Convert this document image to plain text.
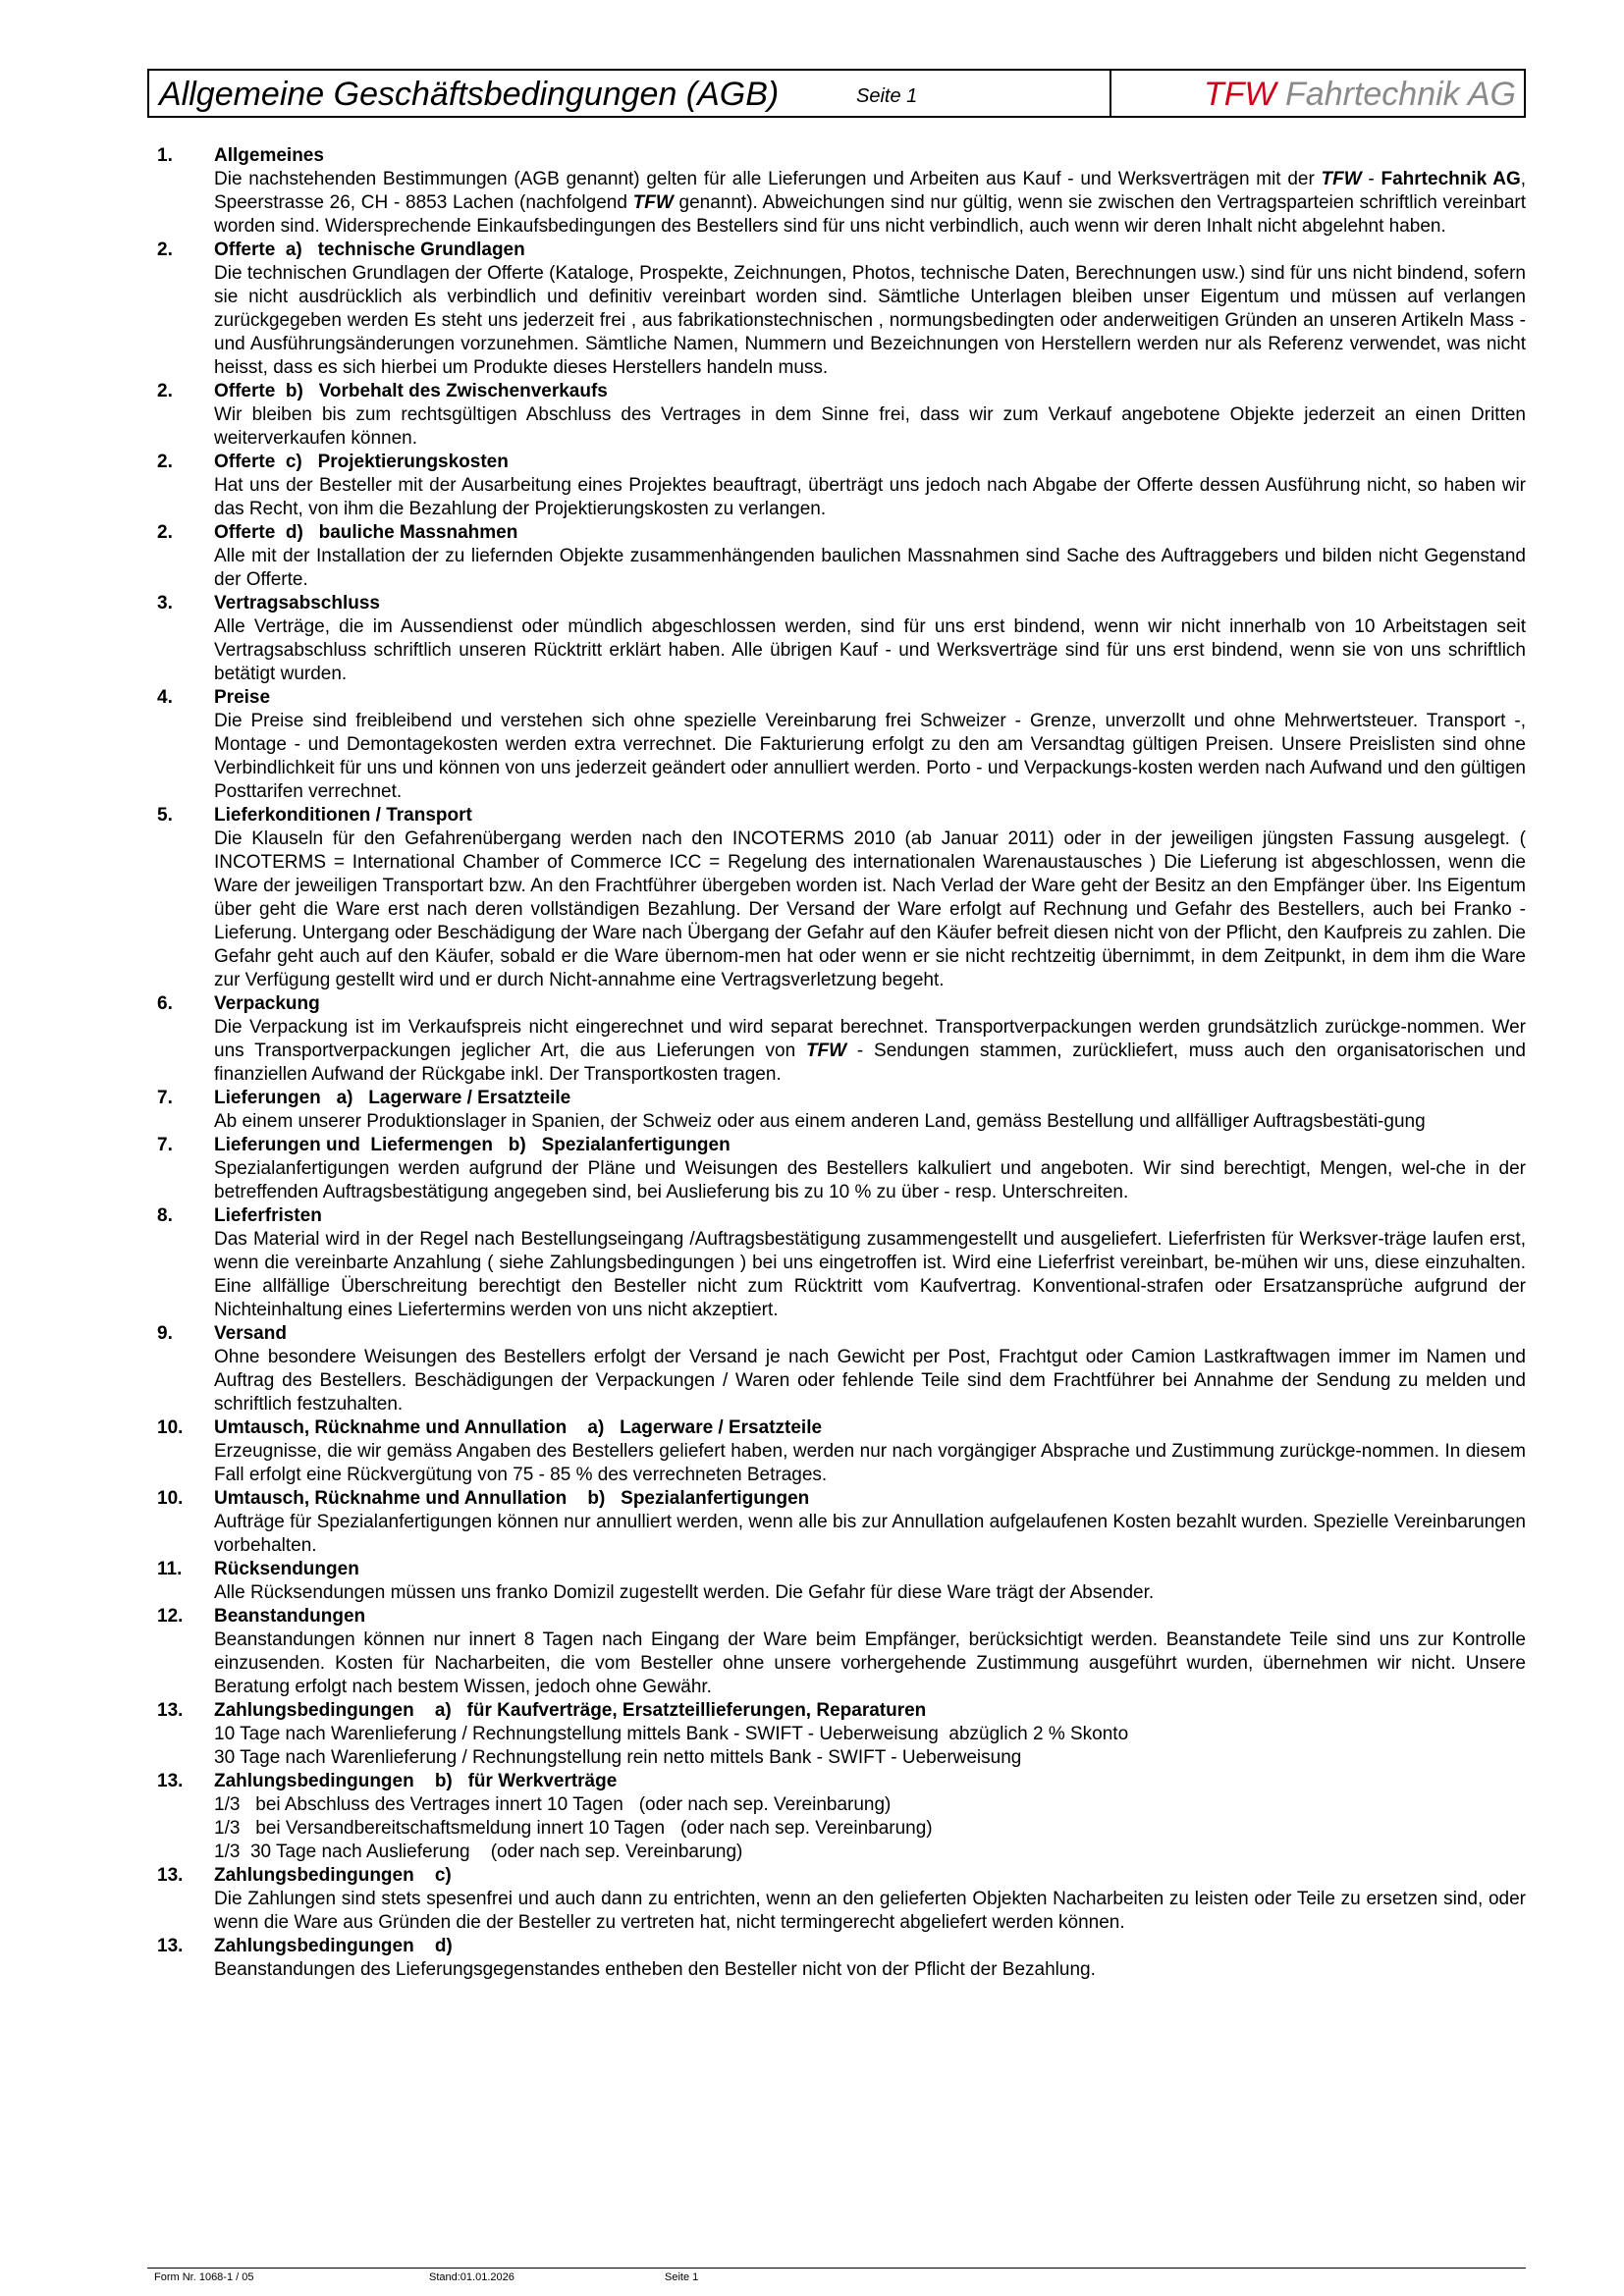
Allgemeine Geschäftsbedingungen (AGB)	Seite 1	TFW Fahrtechnik AG
1.	Allgemeines
Die nachstehenden Bestimmungen (AGB genannt) gelten für alle Lieferungen und Arbeiten aus Kauf - und Werksverträgen mit der TFW - Fahrtechnik AG, Speerstrasse 26, CH - 8853 Lachen (nachfolgend TFW genannt). Abweichungen sind nur gültig, wenn sie zwischen den Vertragsparteien schriftlich vereinbart worden sind. Widersprechende Einkaufsbedingungen des Bestellers sind für uns nicht verbindlich, auch wenn wir deren Inhalt nicht abgelehnt haben.
2.	Offerte  a)   technische Grundlagen
Die technischen Grundlagen der Offerte (Kataloge, Prospekte, Zeichnungen, Photos, technische Daten, Berechnungen usw.) sind für uns nicht bindend, sofern sie nicht ausdrücklich als verbindlich und definitiv vereinbart worden sind. Sämtliche Unterlagen bleiben unser Eigentum und müssen auf verlangen zurückgegeben werden Es steht uns jederzeit frei , aus fabrikationstechnischen , normungsbedingten oder anderweitigen Gründen an unseren Artikeln Mass - und Ausführungsänderungen vorzunehmen. Sämtliche Namen, Nummern und Bezeichnungen von Herstellern werden nur als Referenz verwendet, was nicht heisst, dass es sich hierbei um Produkte dieses Herstellers handeln muss.
2.	Offerte  b)   Vorbehalt des Zwischenverkaufs
Wir bleiben bis zum rechtsgültigen Abschluss des Vertrages in dem Sinne frei, dass wir zum Verkauf angebotene Objekte jederzeit an einen Dritten weiterverkaufen können.
2.	Offerte  c)   Projektierungskosten
Hat uns der Besteller mit der Ausarbeitung eines Projektes beauftragt, überträgt uns jedoch nach Abgabe der Offerte dessen Ausführung nicht, so haben wir das Recht, von ihm die Bezahlung der Projektierungskosten zu verlangen.
2.	Offerte  d)   bauliche Massnahmen
Alle mit der Installation der zu liefernden Objekte zusammenhängenden baulichen Massnahmen sind Sache des Auftraggebers und bilden nicht Gegenstand der Offerte.
3.	Vertragsabschluss
Alle Verträge, die im Aussendienst oder mündlich abgeschlossen werden, sind für uns erst bindend, wenn wir nicht innerhalb von 10 Arbeitstagen seit Vertragsabschluss schriftlich unseren Rücktritt erklärt haben. Alle übrigen Kauf - und Werksverträge sind für uns erst bindend, wenn sie von uns schriftlich betätigt wurden.
4.	Preise
Die Preise sind freibleibend und verstehen sich ohne spezielle Vereinbarung frei Schweizer - Grenze, unverzollt und ohne Mehrwertsteuer. Transport -, Montage - und Demontagekosten werden extra verrechnet. Die Fakturierung erfolgt zu den am Versandtag gültigen Preisen. Unsere Preislisten sind ohne Verbindlichkeit für uns und können von uns jederzeit geändert oder annulliert werden. Porto - und Verpackungs-kosten werden nach Aufwand und den gültigen Posttarifen verrechnet.
5.	Lieferkonditionen / Transport
Die Klauseln für den Gefahrenübergang werden nach den INCOTERMS 2010 (ab Januar 2011) oder in der jeweiligen jüngsten Fassung ausgelegt. ( INCOTERMS = International Chamber of Commerce ICC = Regelung des internationalen Warenaustausches ) Die Lieferung ist abgeschlossen, wenn die Ware der jeweiligen Transportart bzw. An den Frachtführer übergeben worden ist. Nach Verlad der Ware geht der Besitz an den Empfänger über. Ins Eigentum über geht die Ware erst nach deren vollständigen Bezahlung. Der Versand der Ware erfolgt auf Rechnung und Gefahr des Bestellers, auch bei Franko - Lieferung. Untergang oder Beschädigung der Ware nach Übergang der Gefahr auf den Käufer befreit diesen nicht von der Pflicht, den Kaufpreis zu zahlen. Die Gefahr geht auch auf den Käufer, sobald er die Ware übernom-men hat oder wenn er sie nicht rechtzeitig übernimmt, in dem Zeitpunkt, in dem ihm die Ware zur Verfügung gestellt wird und er durch Nicht-annahme eine Vertragsverletzung begeht.
6.	Verpackung
Die Verpackung ist im Verkaufspreis nicht eingerechnet und wird separat berechnet. Transportverpackungen werden grundsätzlich zurückge-nommen. Wer uns Transportverpackungen jeglicher Art, die aus Lieferungen von TFW - Sendungen stammen, zurückliefert, muss auch den organisatorischen und finanziellen Aufwand der Rückgabe inkl. Der Transportkosten tragen.
7.	Lieferungen   a)   Lagerware / Ersatzteile
Ab einem unserer Produktionslager in Spanien, der Schweiz oder aus einem anderen Land, gemäss Bestellung und allfälliger Auftragsbestäti-gung
7.	Lieferungen und  Liefermengen   b)   Spezialanfertigungen
Spezialanfertigungen werden aufgrund der Pläne und Weisungen des Bestellers kalkuliert und angeboten. Wir sind berechtigt, Mengen, wel-che in der betreffenden Auftragsbestätigung angegeben sind, bei Auslieferung bis zu 10 % zu über - resp. Unterschreiten.
8.	Lieferfristen
Das Material wird in der Regel nach Bestellungseingang /Auftragsbestätigung zusammengestellt und ausgeliefert. Lieferfristen für Werksver-träge laufen erst, wenn die vereinbarte Anzahlung ( siehe Zahlungsbedingungen ) bei uns eingetroffen ist. Wird eine Lieferfrist vereinbart, be-mühen wir uns, diese einzuhalten. Eine allfällige Überschreitung berechtigt den Besteller nicht zum Rücktritt vom Kaufvertrag. Konventional-strafen oder Ersatzansprüche aufgrund der Nichteinhaltung eines Liefertermins werden von uns nicht akzeptiert.
9.	Versand
Ohne besondere Weisungen des Bestellers erfolgt der Versand je nach Gewicht per Post, Frachtgut oder Camion Lastkraftwagen immer im Namen und Auftrag des Bestellers. Beschädigungen der Verpackungen / Waren oder fehlende Teile sind dem Frachtführer bei Annahme der Sendung zu melden und schriftlich festzuhalten.
10.	Umtausch, Rücknahme und Annullation    a)   Lagerware / Ersatzteile
Erzeugnisse, die wir gemäss Angaben des Bestellers geliefert haben, werden nur nach vorgängiger Absprache und Zustimmung zurückge-nommen. In diesem Fall erfolgt eine Rückvergütung von 75 - 85 % des verrechneten Betrages.
10.	Umtausch, Rücknahme und Annullation    b)   Spezialanfertigungen
Aufträge für Spezialanfertigungen können nur annulliert werden, wenn alle bis zur Annullation aufgelaufenen Kosten bezahlt wurden. Spezielle Vereinbarungen vorbehalten.
11.	Rücksendungen
Alle Rücksendungen müssen uns franko Domizil zugestellt werden. Die Gefahr für diese Ware trägt der Absender.
12.	Beanstandungen
Beanstandungen können nur innert 8 Tagen nach Eingang der Ware beim Empfänger, berücksichtigt werden. Beanstandete Teile sind uns zur Kontrolle einzusenden. Kosten für Nacharbeiten, die vom Besteller ohne unsere vorhergehende Zustimmung ausgeführt wurden, übernehmen wir nicht. Unsere Beratung erfolgt nach bestem Wissen, jedoch ohne Gewähr.
13.	Zahlungsbedingungen    a)   für Kaufverträge, Ersatzteillieferungen, Reparaturen
10 Tage nach Warenlieferung / Rechnungstellung mittels Bank - SWIFT - Ueberweisung  abzüglich 2 % Skonto
30 Tage nach Warenlieferung / Rechnungstellung rein netto mittels Bank - SWIFT - Ueberweisung
13.	Zahlungsbedingungen    b)   für Werkverträge
1/3   bei Abschluss des Vertrages innert 10 Tagen   (oder nach sep. Vereinbarung)
1/3   bei Versandbereitschaftsmeldung innert 10 Tagen   (oder nach sep. Vereinbarung)
1/3  30 Tage nach Auslieferung    (oder nach sep. Vereinbarung)
13.	Zahlungsbedingungen    c)
Die Zahlungen sind stets spesenfrei und auch dann zu entrichten, wenn an den gelieferten Objekten Nacharbeiten zu leisten oder Teile zu ersetzen sind, oder wenn die Ware aus Gründen die der Besteller zu vertreten hat, nicht termingerecht abgeliefert werden können.
13.	Zahlungsbedingungen    d)
Beanstandungen des Lieferungsgegenstandes entheben den Besteller nicht von der Pflicht der Bezahlung.
Form Nr. 1068-1 / 05	Stand:01.01.2026	Seite 1
